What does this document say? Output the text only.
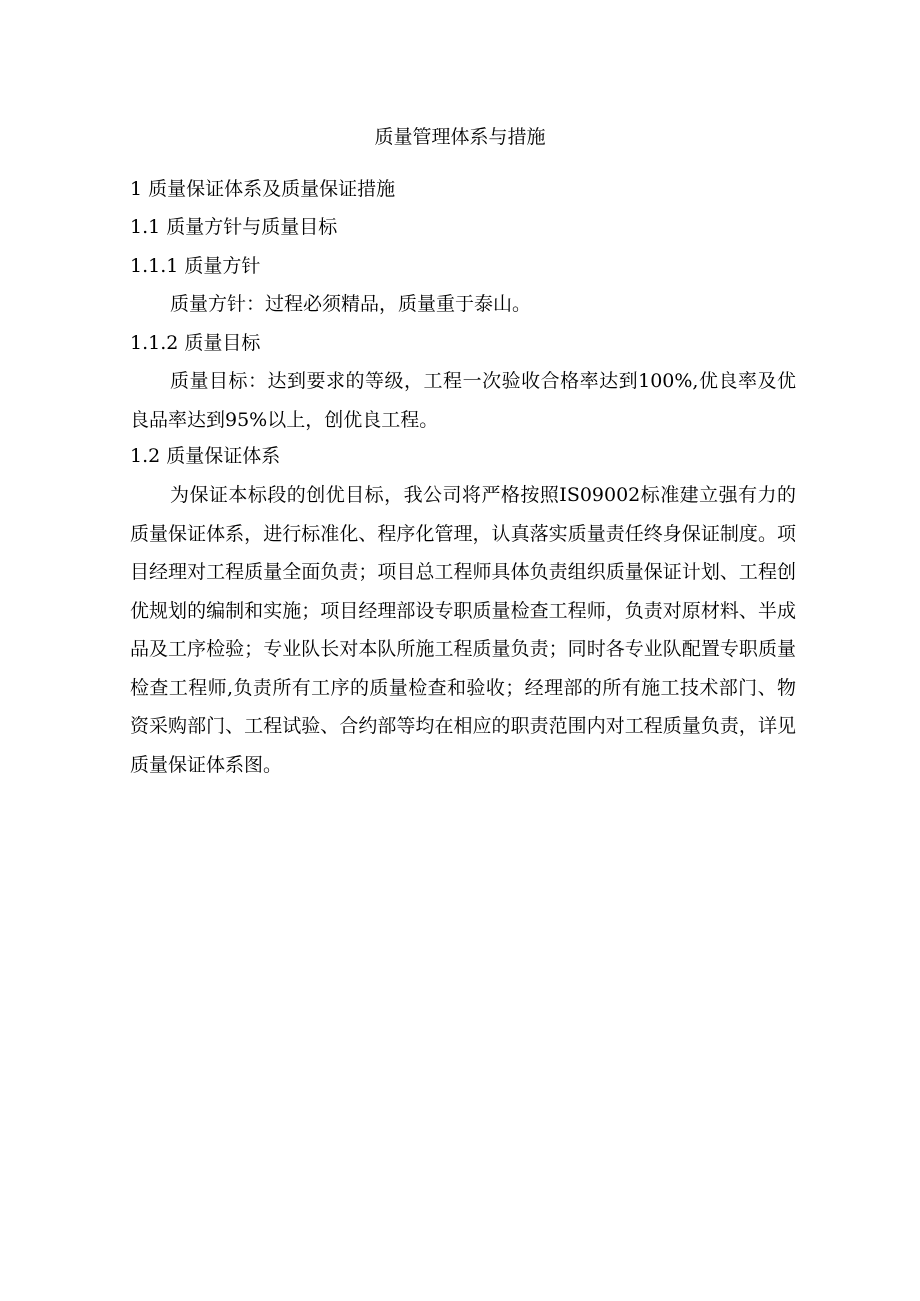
质量管理体系与措施
1 质量保证体系及质量保证措施
1.1 质量方针与质量目标
1.1.1 质量方针
质量方针：过程必须精品，质量重于泰山。
1.1.2 质量目标
质量目标：达到要求的等级，工程一次验收合格率达到100%,优良率及优良品率达到95%以上，创优良工程。
1.2 质量保证体系
为保证本标段的创优目标，我公司将严格按照IS09002标准建立强有力的质量保证体系，进行标准化、程序化管理，认真落实质量责任终身保证制度。项目经理对工程质量全面负责；项目总工程师具体负责组织质量保证计划、工程创优规划的编制和实施；项目经理部设专职质量检查工程师，负责对原材料、半成品及工序检验；专业队长对本队所施工程质量负责；同时各专业队配置专职质量检查工程师,负责所有工序的质量检查和验收；经理部的所有施工技术部门、物资采购部门、工程试验、合约部等均在相应的职责范围内对工程质量负责，详见质量保证体系图。
